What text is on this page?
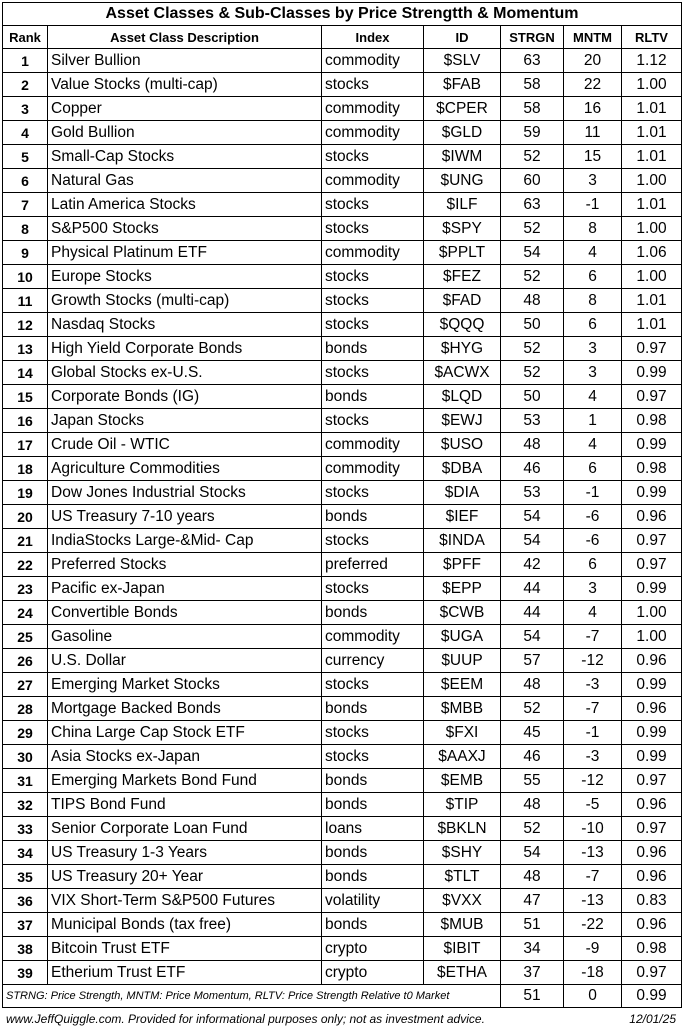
Asset Classes & Sub-Classes by Price Strengtth & Momentum						
Rank	Asset Class Description	Index	ID	STRGN	MNTM	RLTV
1	Silver Bullion	commodity	$SLV	63	20	1.12
2	Value Stocks (multi-cap)	stocks	$FAB	58	22	1.00
3	Copper	commodity	$CPER	58	16	1.01
4	Gold Bullion	commodity	$GLD	59	11	1.01
5	Small-Cap Stocks	stocks	$IWM	52	15	1.01
6	Natural Gas	commodity	$UNG	60	3	1.00
7	Latin America Stocks	stocks	$ILF	63	-1	1.01
8	S&P500 Stocks	stocks	$SPY	52	8	1.00
9	Physical Platinum ETF	commodity	$PPLT	54	4	1.06
10	Europe Stocks	stocks	$FEZ	52	6	1.00
11	Growth Stocks (multi-cap)	stocks	$FAD	48	8	1.01
12	Nasdaq Stocks	stocks	$QQQ	50	6	1.01
13	High Yield Corporate Bonds	bonds	$HYG	52	3	0.97
14	Global Stocks ex-U.S.	stocks	$ACWX	52	3	0.99
15	Corporate Bonds (IG)	bonds	$LQD	50	4	0.97
16	Japan Stocks	stocks	$EWJ	53	1	0.98
17	Crude Oil - WTIC	commodity	$USO	48	4	0.99
18	Agriculture Commodities	commodity	$DBA	46	6	0.98
19	Dow Jones Industrial Stocks	stocks	$DIA	53	-1	0.99
20	US Treasury 7-10 years	bonds	$IEF	54	-6	0.96
21	IndiaStocks Large-&Mid- Cap	stocks	$INDA	54	-6	0.97
22	Preferred Stocks	preferred	$PFF	42	6	0.97
23	Pacific ex-Japan	stocks	$EPP	44	3	0.99
24	Convertible Bonds	bonds	$CWB	44	4	1.00
25	Gasoline	commodity	$UGA	54	-7	1.00
26	U.S. Dollar	currency	$UUP	57	-12	0.96
27	Emerging Market Stocks	stocks	$EEM	48	-3	0.99
28	Mortgage Backed Bonds	bonds	$MBB	52	-7	0.96
29	China Large Cap Stock ETF	stocks	$FXI	45	-1	0.99
30	Asia Stocks ex-Japan	stocks	$AAXJ	46	-3	0.99
31	Emerging Markets Bond Fund	bonds	$EMB	55	-12	0.97
32	TIPS Bond Fund	bonds	$TIP	48	-5	0.96
33	Senior Corporate Loan Fund	loans	$BKLN	52	-10	0.97
34	US Treasury 1-3 Years	bonds	$SHY	54	-13	0.96
35	US Treasury 20+ Year	bonds	$TLT	48	-7	0.96
36	VIX Short-Term S&P500 Futures	volatility	$VXX	47	-13	0.83
37	Municipal Bonds (tax free)	bonds	$MUB	51	-22	0.96
38	Bitcoin Trust ETF	crypto	$IBIT	34	-9	0.98
39	Etherium Trust ETF	crypto	$ETHA	37	-18	0.97
STRNG: Price Strength, MNTM: Price Momentum, RLTV: Price Strength Relative t0 Market				51	0	0.99
www.JeffQuiggle.com. Provided for informational purposes only; not as investment advice.	12/01/25
